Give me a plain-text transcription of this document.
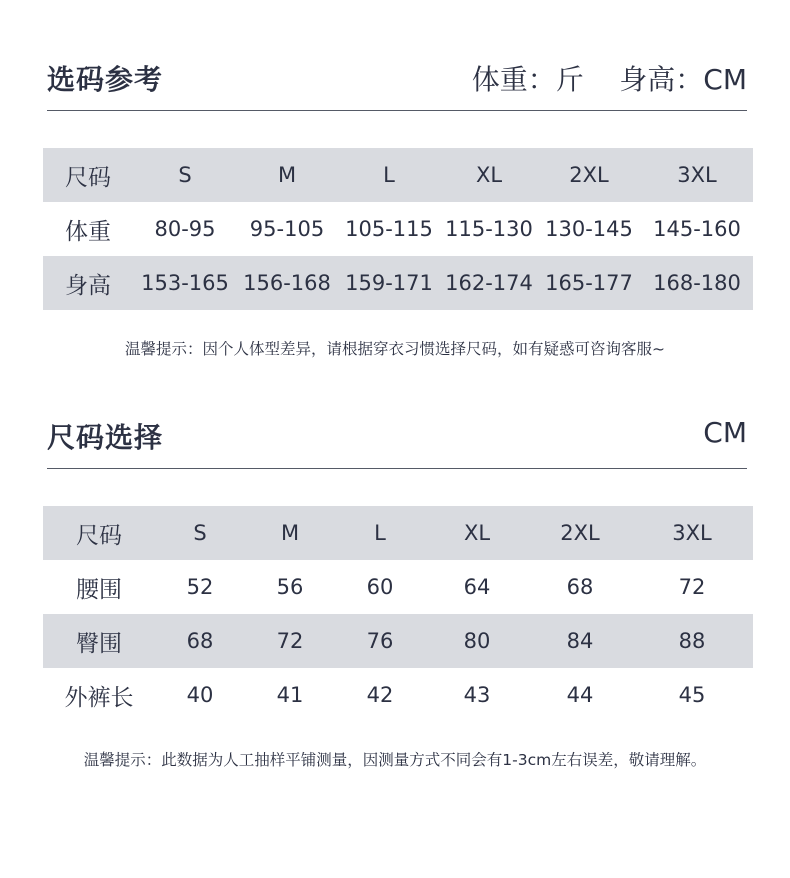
选码参考	体重：斤    身高：CM
尺码	S	M	L	XL	2XL	3XL
体重	80-95	95-105	105-115	115-130	130-145	145-160
身高	153-165	156-168	159-171	162-174	165-177	168-180
温馨提示：因个人体型差异，请根据穿衣习惯选择尺码，如有疑惑可咨询客服~
尺码选择	CM
尺码	S	M	L	XL	2XL	3XL
腰围	52	56	60	64	68	72
臀围	68	72	76	80	84	88
外裤长	40	41	42	43	44	45
温馨提示：此数据为人工抽样平铺测量，因测量方式不同会有1-3cm左右误差，敬请理解。
